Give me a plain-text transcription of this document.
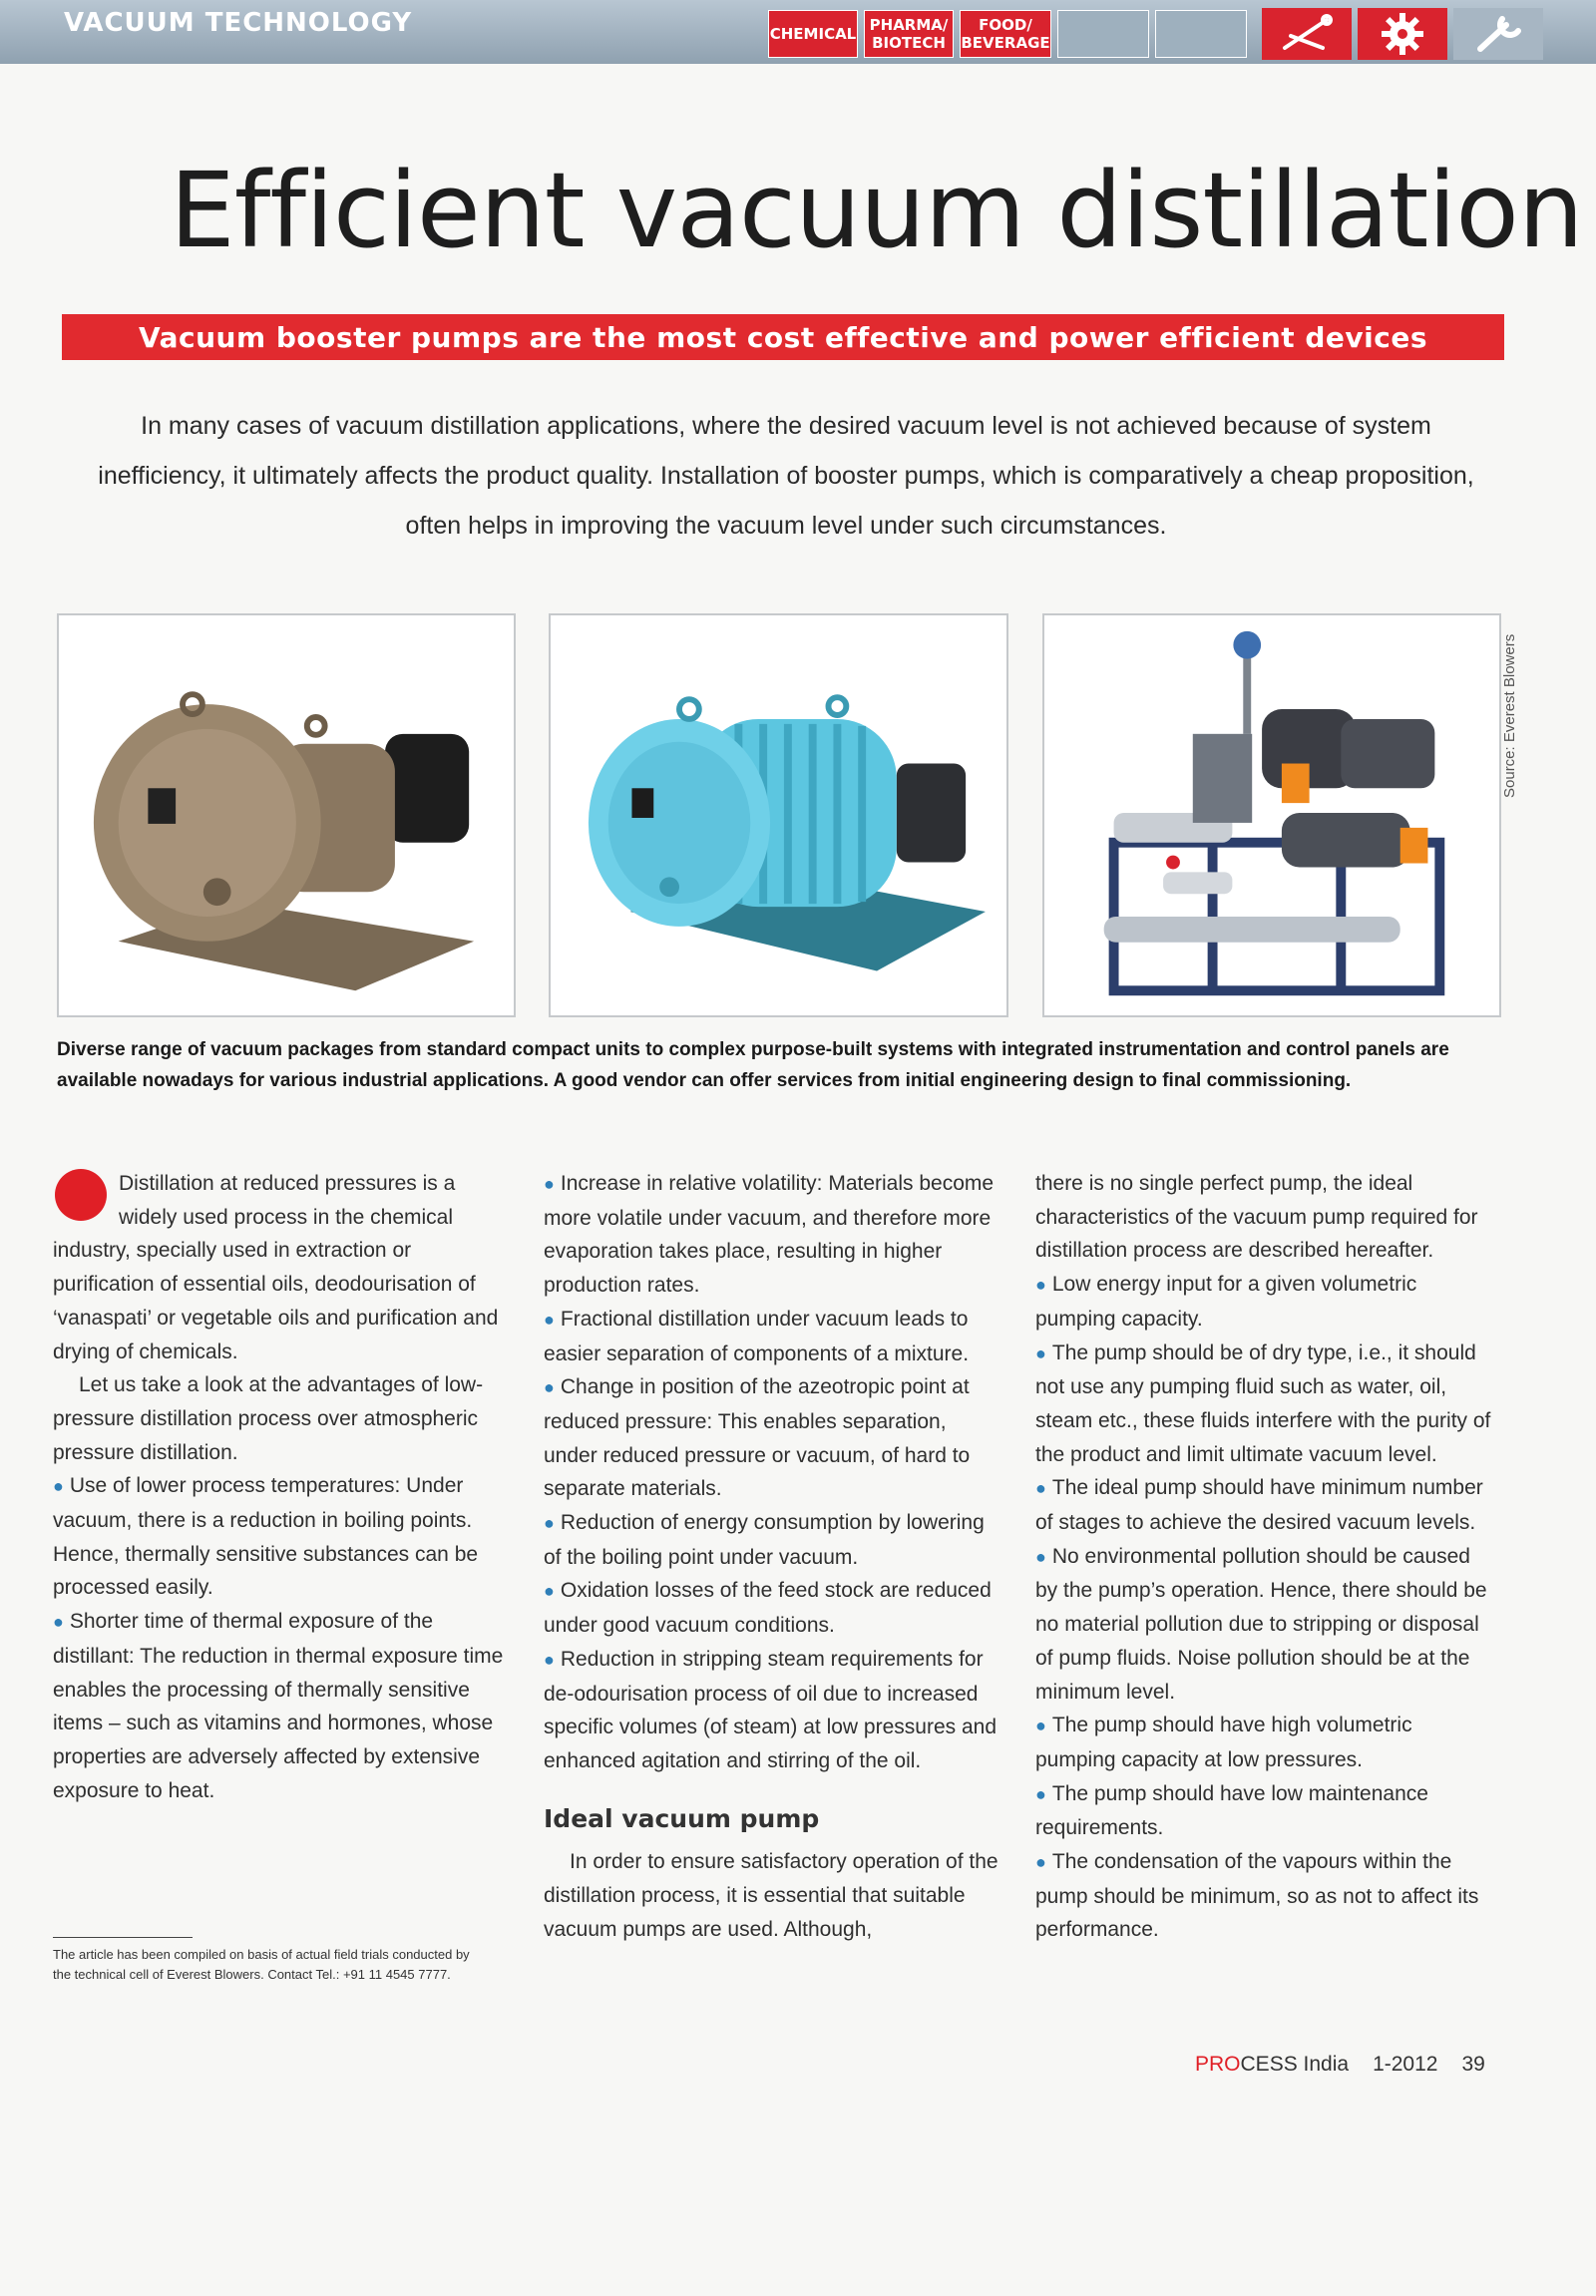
VACUUM TECHNOLOGY	CHEMICAL PHARMA/
BIOTECH
FOOD/
BEVERAGE
Efficient vacuum distillation
Vacuum booster pumps are the most cost effective and power efficient devices

In many cases of vacuum distillation applications, where the desired vacuum level is not achieved because of system inefficiency, it ultimately affects the product quality. Installation of booster pumps, which is comparatively a cheap proposition, often helps in improving the vacuum level under such circumstances.

Source: Everest Blowers

Diverse range of vacuum packages from standard compact units to complex purpose-built systems with integrated instrumentation and control panels are available nowadays for various industrial applications. A good vendor can offer services from initial engineering design to final commissioning.

Distillation at reduced pressures is a widely used process in the chemical industry, specially used in extraction or purification of essential oils, deodourisation of ‘vanaspati’ or vegetable oils and purification and drying of chemicals.

Let us take a look at the advantages of low-pressure distillation process over atmospheric pressure distillation.

● Use of lower process temperatures: Under vacuum, there is a reduction in boiling points. Hence, thermally sensitive substances can be processed easily.

● Shorter time of thermal exposure of the distillant: The reduction in thermal exposure time enables the processing of thermally sensitive items – such as vitamins and hormones, whose properties are adversely affected by extensive exposure to heat.

● Increase in relative volatility: Materials become more volatile under vacuum, and therefore more evaporation takes place, resulting in higher production rates.

● Fractional distillation under vacuum leads to easier separation of components of a mixture.

● Change in position of the azeotropic point at reduced pressure: This enables separation, under reduced pressure or vacuum, of hard to separate materials.

● Reduction of energy consumption by lowering of the boiling point under vacuum.

● Oxidation losses of the feed stock are reduced under good vacuum conditions.

● Reduction in stripping steam requirements for de-odourisation process of oil due to increased specific volumes (of steam) at low pressures and enhanced agitation and stirring of the oil.

Ideal vacuum pump

In order to ensure satisfactory operation of the distillation process, it is essential that suitable vacuum pumps are used. Although,

there is no single perfect pump, the ideal characteristics of the vacuum pump required for distillation process are described hereafter.

● Low energy input for a given volumetric pumping capacity.

● The pump should be of dry type, i.e., it should not use any pumping fluid such as water, oil, steam etc., these fluids interfere with the purity of the product and limit ultimate vacuum level.

● The ideal pump should have minimum number of stages to achieve the desired vacuum levels.

● No environmental pollution should be caused by the pump’s operation. Hence, there should be no material pollution due to stripping or disposal of pump fluids. Noise pollution should be at the minimum level.

● The pump should have high volumetric pumping capacity at low pressures.

● The pump should have low maintenance requirements.

● The condensation of the vapours within the pump should be minimum, so as not to affect its performance.

The article has been compiled on basis of actual field trials conducted by the technical cell of Everest Blowers. Contact Tel.: +91 11 4545 7777.

PROCESS India 1-2012 39
